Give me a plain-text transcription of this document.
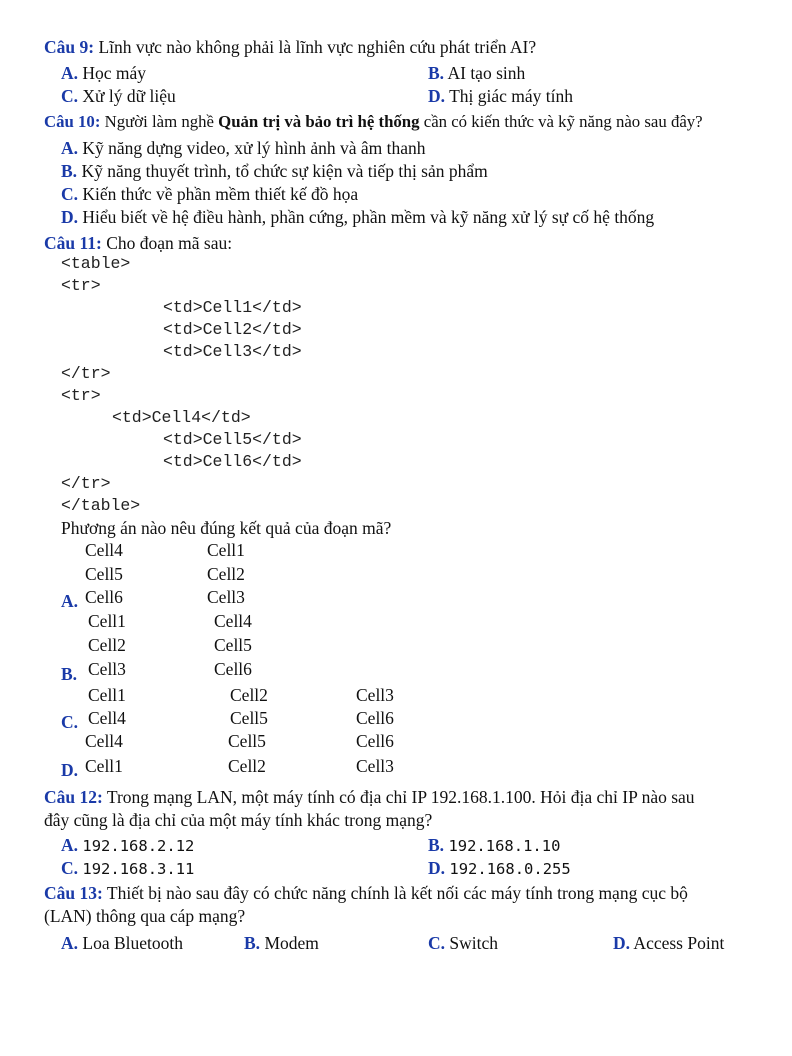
Câu 9: Lĩnh vực nào không phải là lĩnh vực nghiên cứu phát triển AI?
A. Học máy	B. AI tạo sinh
C. Xử lý dữ liệu	D. Thị giác máy tính
Câu 10: Người làm nghề Quản trị và bảo trì hệ thống cần có kiến thức và kỹ năng nào sau đây?
A. Kỹ năng dựng video, xử lý hình ảnh và âm thanh
B. Kỹ năng thuyết trình, tổ chức sự kiện và tiếp thị sản phẩm
C. Kiến thức về phần mềm thiết kế đồ họa
D. Hiểu biết về hệ điều hành, phần cứng, phần mềm và kỹ năng xử lý sự cố hệ thống
Câu 11: Cho đoạn mã sau:
<table>
<tr>
<td>Cell1</td>
<td>Cell2</td>
<td>Cell3</td>
</tr>
<tr>
<td>Cell4</td>
<td>Cell5</td>
<td>Cell6</td>
</tr>
</table>
Phương án nào nêu đúng kết quả của đoạn mã?
Cell4	Cell1
Cell5	Cell2
A. Cell6	Cell3
Cell1	Cell4
Cell2	Cell5
B. Cell3	Cell6
Cell1	Cell2	Cell3
C. Cell4	Cell5	Cell6
Cell4	Cell5	Cell6
D. Cell1	Cell2	Cell3
Câu 12: Trong mạng LAN, một máy tính có địa chỉ IP 192.168.1.100. Hỏi địa chỉ IP nào sau
đây cũng là địa chỉ của một máy tính khác trong mạng?
A. 192.168.2.12	B. 192.168.1.10
C. 192.168.3.11	D. 192.168.0.255
Câu 13: Thiết bị nào sau đây có chức năng chính là kết nối các máy tính trong mạng cục bộ
(LAN) thông qua cáp mạng?
A. Loa Bluetooth	B. Modem	C. Switch	D. Access Point
